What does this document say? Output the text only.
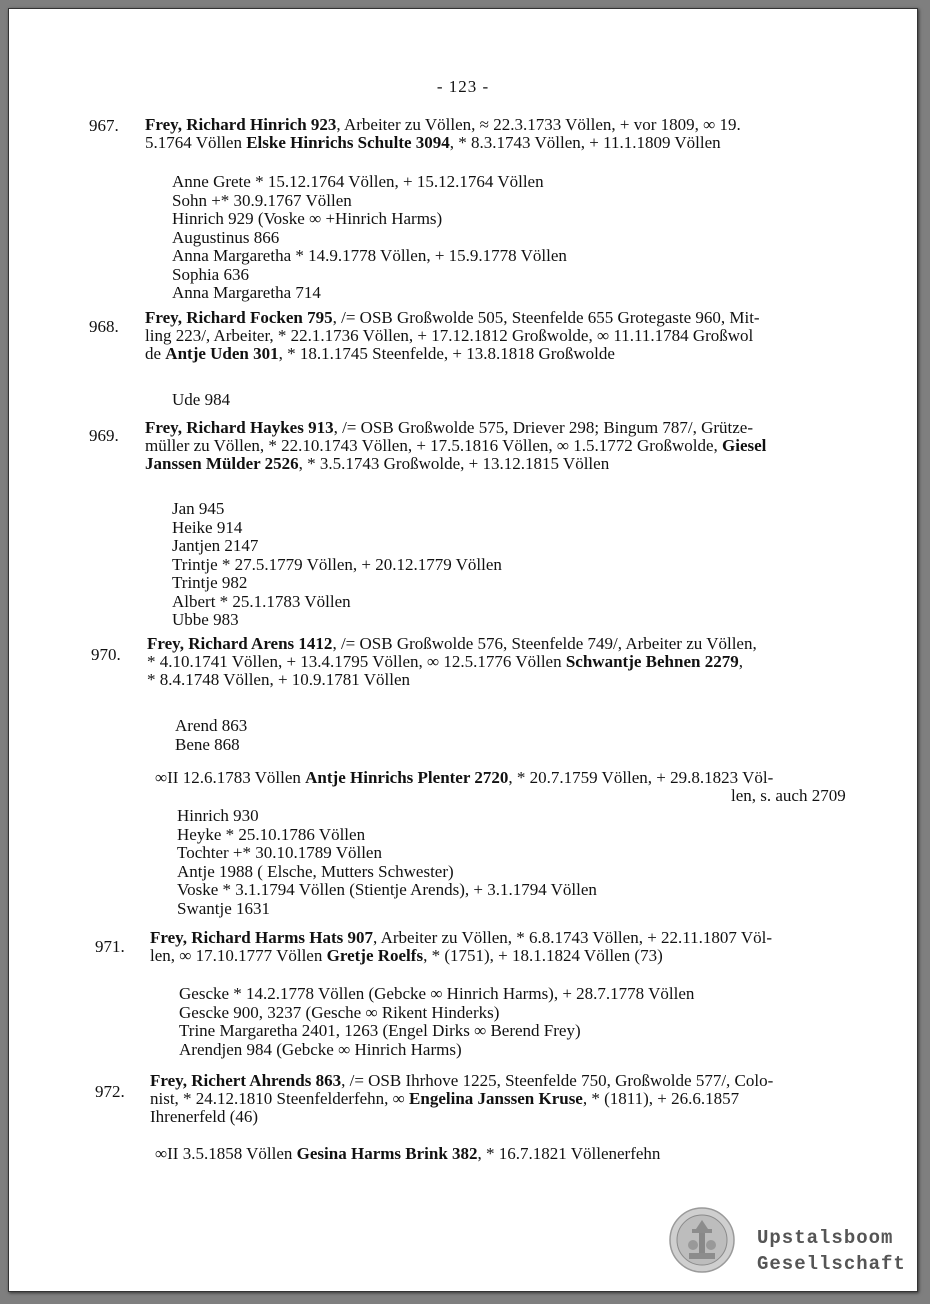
- 123 -
967. Frey, Richard Hinrich 923, Arbeiter zu Völlen, ≈ 22.3.1733 Völlen, + vor 1809, ∞ 19.
5.1764 Völlen Elske Hinrichs Schulte 3094, * 8.3.1743 Völlen, + 11.1.1809 Völlen
Anne Grete * 15.12.1764 Völlen, + 15.12.1764 Völlen
Sohn +* 30.9.1767 Völlen
Hinrich 929 (Voske ∞ +Hinrich Harms)
Augustinus 866
Anna Margaretha * 14.9.1778 Völlen, + 15.9.1778 Völlen
Sophia 636
Anna Margaretha 714
968. Frey, Richard Focken 795, /= OSB Großwolde 505, Steenfelde 655 Grotegaste 960, Mit-
ling 223/, Arbeiter, * 22.1.1736 Völlen, + 17.12.1812 Großwolde, ∞ 11.11.1784 Großwol
de Antje Uden 301, * 18.1.1745 Steenfelde, + 13.8.1818 Großwolde
Ude 984
969. Frey, Richard Haykes 913, /= OSB Großwolde 575, Driever 298; Bingum 787/, Grütze-
müller zu Völlen, * 22.10.1743 Völlen, + 17.5.1816 Völlen, ∞ 1.5.1772 Großwolde, Giesel
Janssen Mülder 2526, * 3.5.1743 Großwolde, + 13.12.1815 Völlen
Jan 945
Heike 914
Jantjen 2147
Trintje * 27.5.1779 Völlen, + 20.12.1779 Völlen
Trintje 982
Albert * 25.1.1783 Völlen
Ubbe 983
970.
Frey, Richard Arens 1412, /= OSB Großwolde 576, Steenfelde 749/, Arbeiter zu Völlen,
* 4.10.1741 Völlen, + 13.4.1795 Völlen, ∞ 12.5.1776 Völlen Schwantje Behnen 2279,
* 8.4.1748 Völlen, + 10.9.1781 Völlen
Arend 863
Bene 868
∞II 12.6.1783 Völlen Antje Hinrichs Plenter 2720, * 20.7.1759 Völlen, + 29.8.1823 Völ-
len, s. auch 2709
Hinrich 930
Heyke * 25.10.1786 Völlen
Tochter +* 30.10.1789 Völlen
Antje 1988 ( Elsche, Mutters Schwester)
Voske * 3.1.1794 Völlen (Stientje Arends), + 3.1.1794 Völlen
Swantje 1631
971. Frey, Richard Harms Hats 907, Arbeiter zu Völlen, * 6.8.1743 Völlen, + 22.11.1807 Völ-
len, ∞ 17.10.1777 Völlen Gretje Roelfs, * (1751), + 18.1.1824 Völlen (73)
Gescke * 14.2.1778 Völlen (Gebcke ∞ Hinrich Harms), + 28.7.1778 Völlen
Gescke 900, 3237 (Gesche ∞ Rikent Hinderks)
Trine Margaretha 2401, 1263 (Engel Dirks ∞ Berend Frey)
Arendjen 984 (Gebcke ∞ Hinrich Harms)
972.
Frey, Richert Ahrends 863, /= OSB Ihrhove 1225, Steenfelde 750, Großwolde 577/, Colo-
nist, * 24.12.1810 Steenfelderfehn, ∞ Engelina Janssen Kruse, * (1811), + 26.6.1857
Ihrenerfeld (46)
∞II 3.5.1858 Völlen Gesina Harms Brink 382, * 16.7.1821 Völlenerfehn
Upstalsboom
Gesellschaft
